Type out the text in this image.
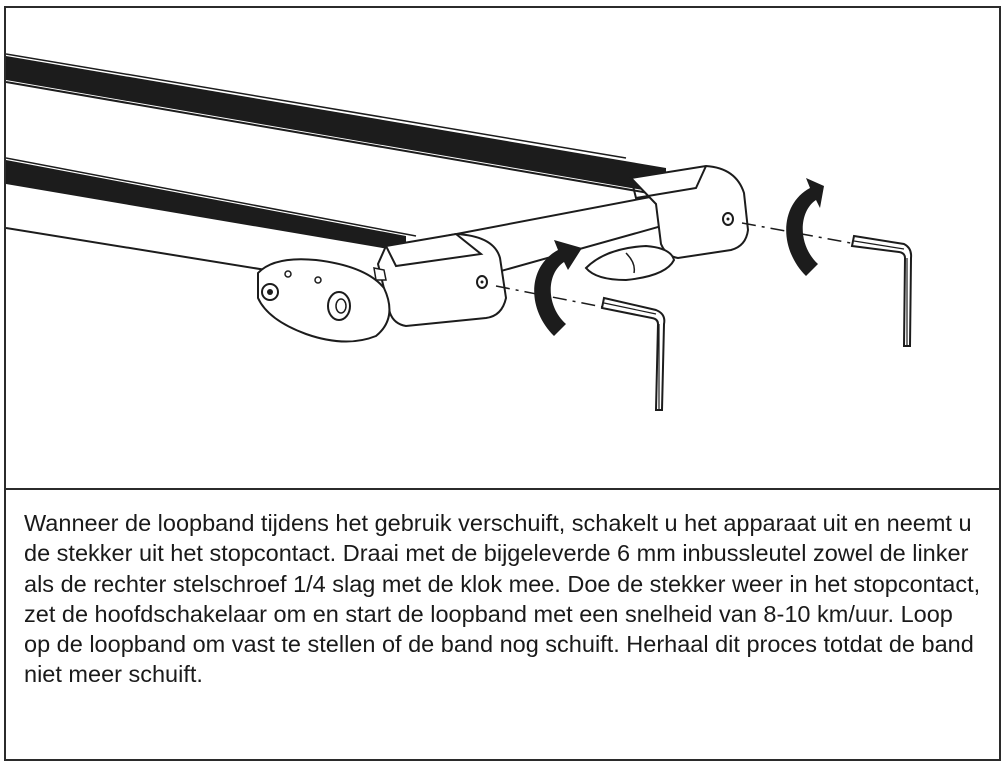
Wanneer de loopband tijdens het gebruik verschuift, schakelt u het apparaat uit en neemt u de stekker uit het stopcontact. Draai met de bijgeleverde 6 mm inbussleutel zowel de linker als de rechter stelschroef 1/4 slag met de klok mee. Doe de stekker weer in het stopcontact, zet de hoofdschakelaar om en start de loopband met een snelheid van 8-10 km/uur. Loop op de loopband om vast te stellen of de band nog schuift. Herhaal dit proces totdat de band niet meer schuift.
